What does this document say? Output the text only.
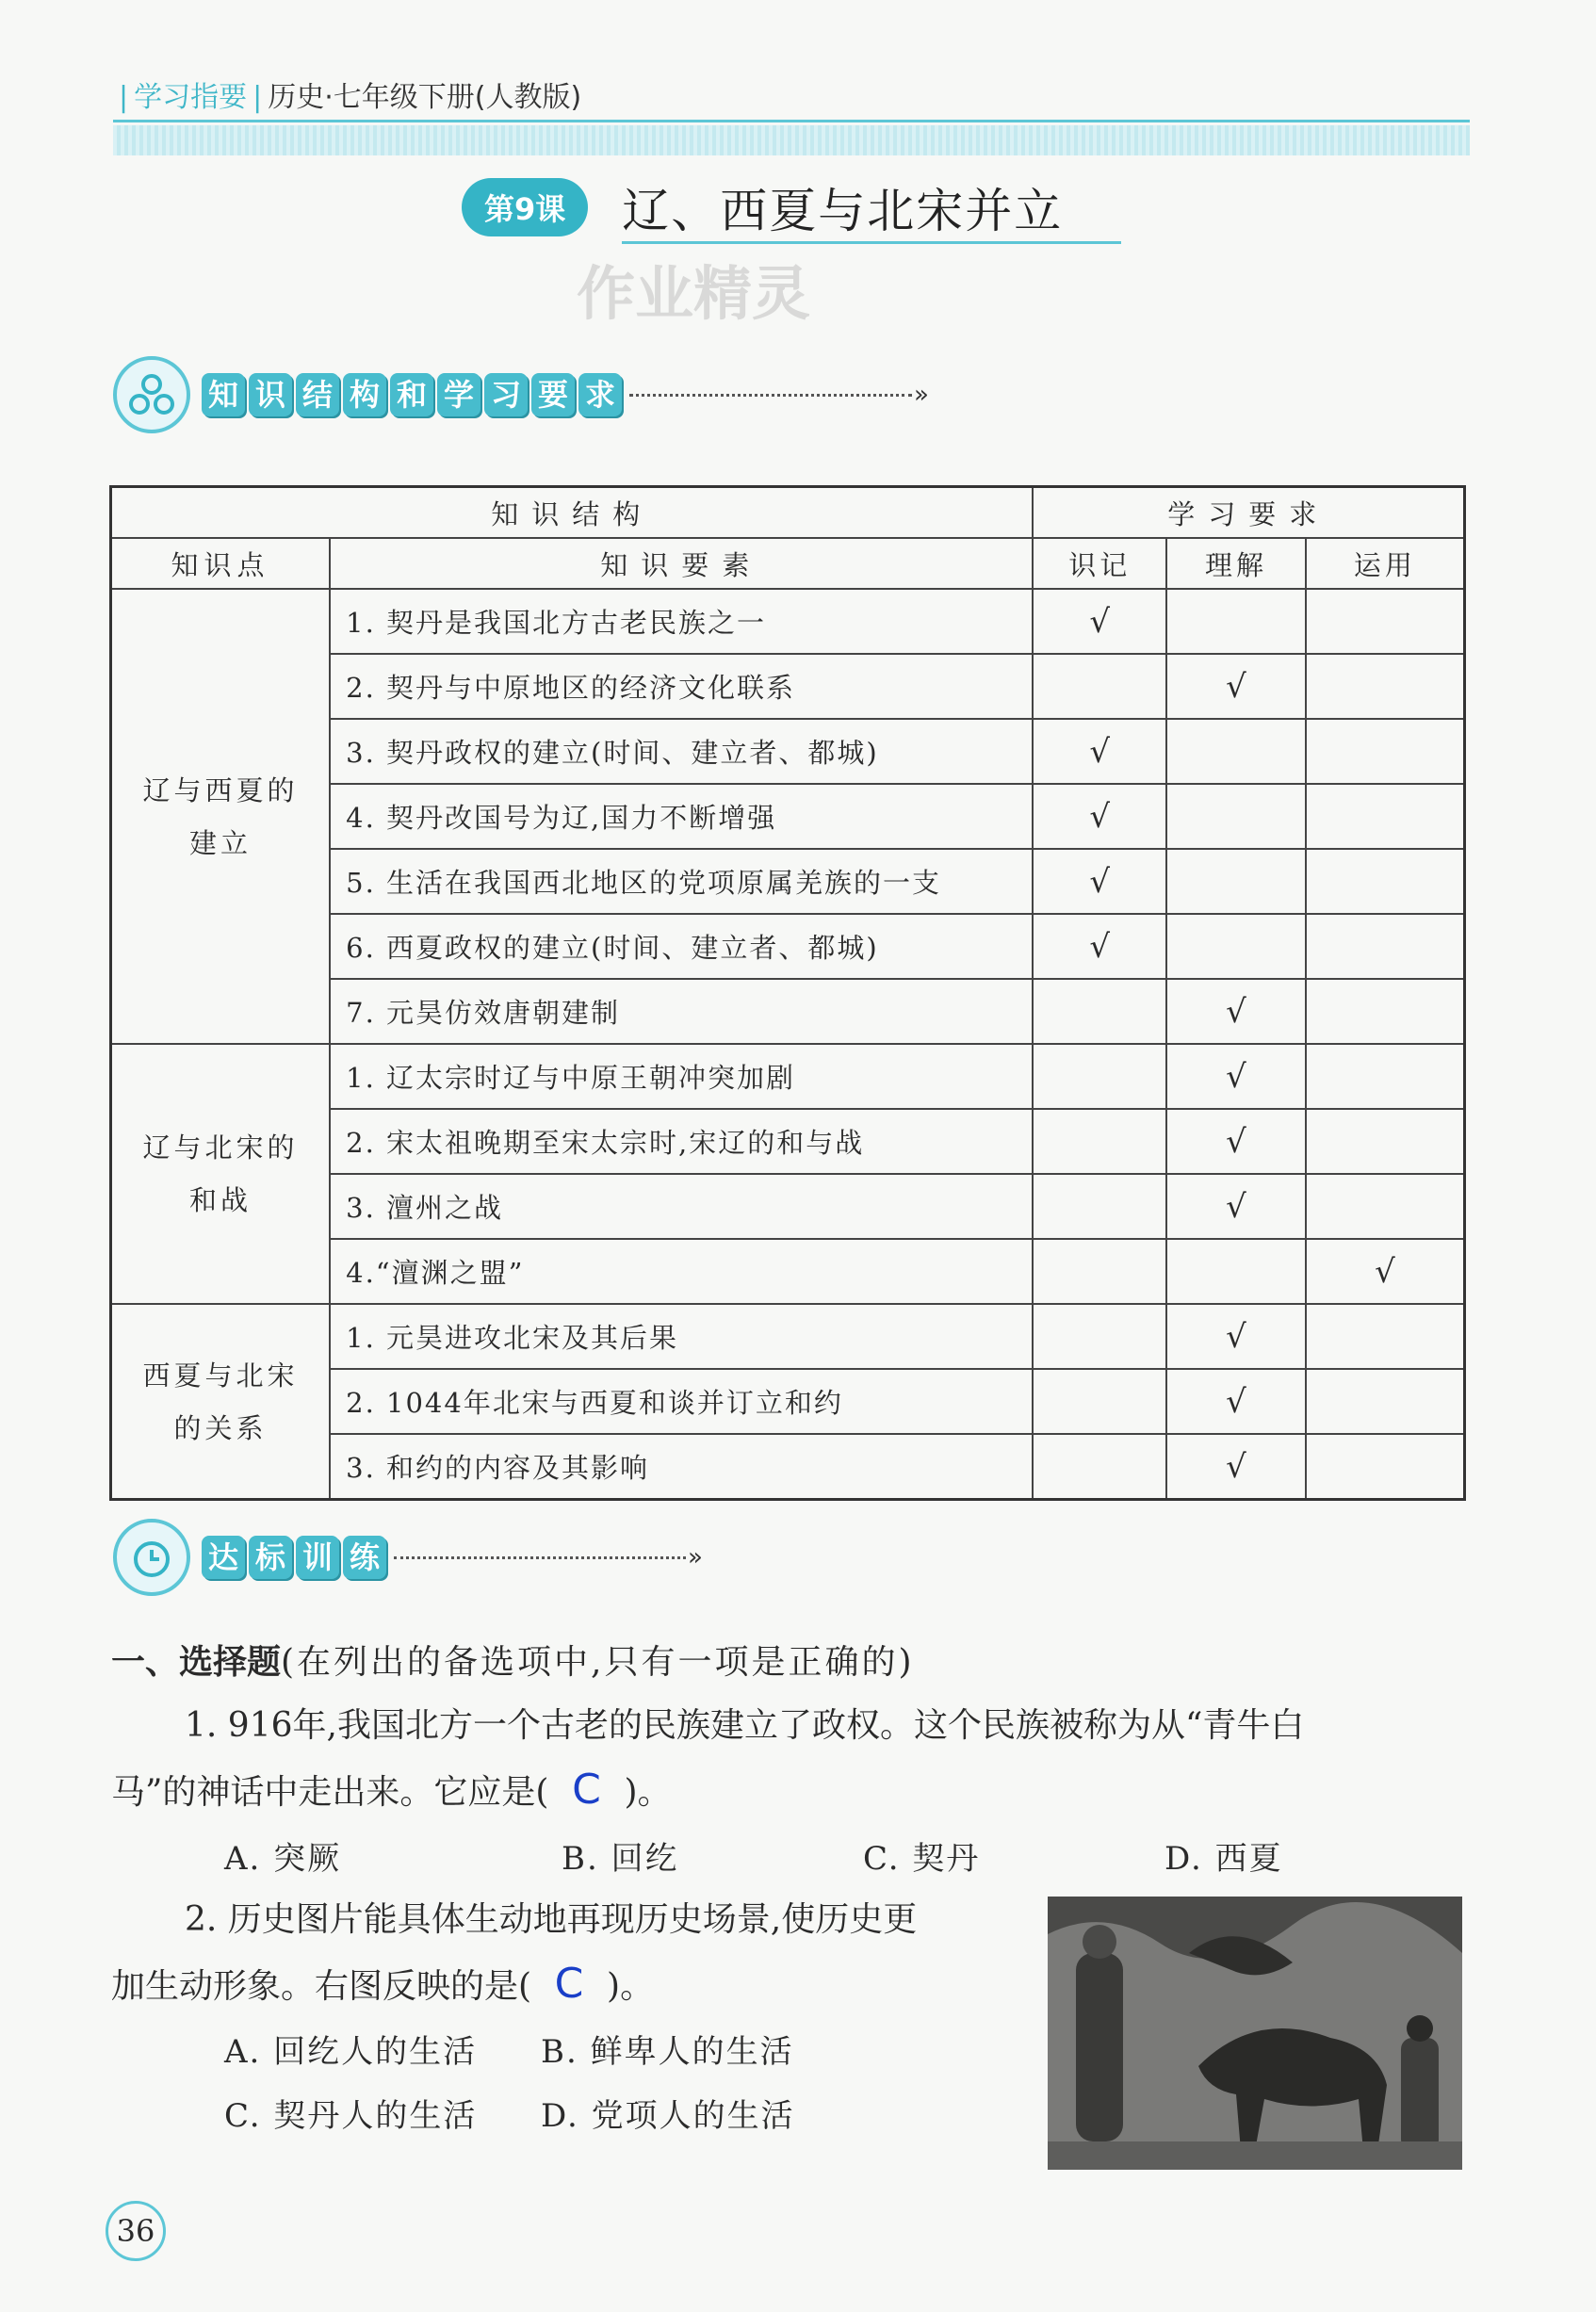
| 学习指要 | 历史·七年级下册(人教版)
第9课	辽、西夏与北宋并立
作业精灵
知 识 结 构 和 学 习 要 求	»
知识结构		学习要求		
知识点	知识要素	识记	理解	运用
辽与西夏的建立	1. 契丹是我国北方古老民族之一	√		
	2. 契丹与中原地区的经济文化联系		√	
	3. 契丹政权的建立(时间、建立者、都城)	√		
	4. 契丹改国号为辽,国力不断增强	√		
	5. 生活在我国西北地区的党项原属羌族的一支	√		
	6. 西夏政权的建立(时间、建立者、都城)	√		
	7. 元昊仿效唐朝建制		√	
辽与北宋的和战	1. 辽太宗时辽与中原王朝冲突加剧		√	
	2. 宋太祖晚期至宋太宗时,宋辽的和与战		√	
	3. 澶州之战		√	
	4.“澶渊之盟”			√
西夏与北宋的关系	1. 元昊进攻北宋及其后果		√	
	2. 1044年北宋与西夏和谈并订立和约		√	
	3. 和约的内容及其影响		√	
达 标 训 练	»
一、选择题(在列出的备选项中,只有一项是正确的)
1. 916年,我国北方一个古老的民族建立了政权。这个民族被称为从“青牛白
马”的神话中走出来。它应是( C )。
A. 突厥	B. 回纥	C. 契丹	D. 西夏
2. 历史图片能具体生动地再现历史场景,使历史更
加生动形象。右图反映的是( C )。
A. 回纥人的生活 B. 鲜卑人的生活
C. 契丹人的生活 D. 党项人的生活
36
